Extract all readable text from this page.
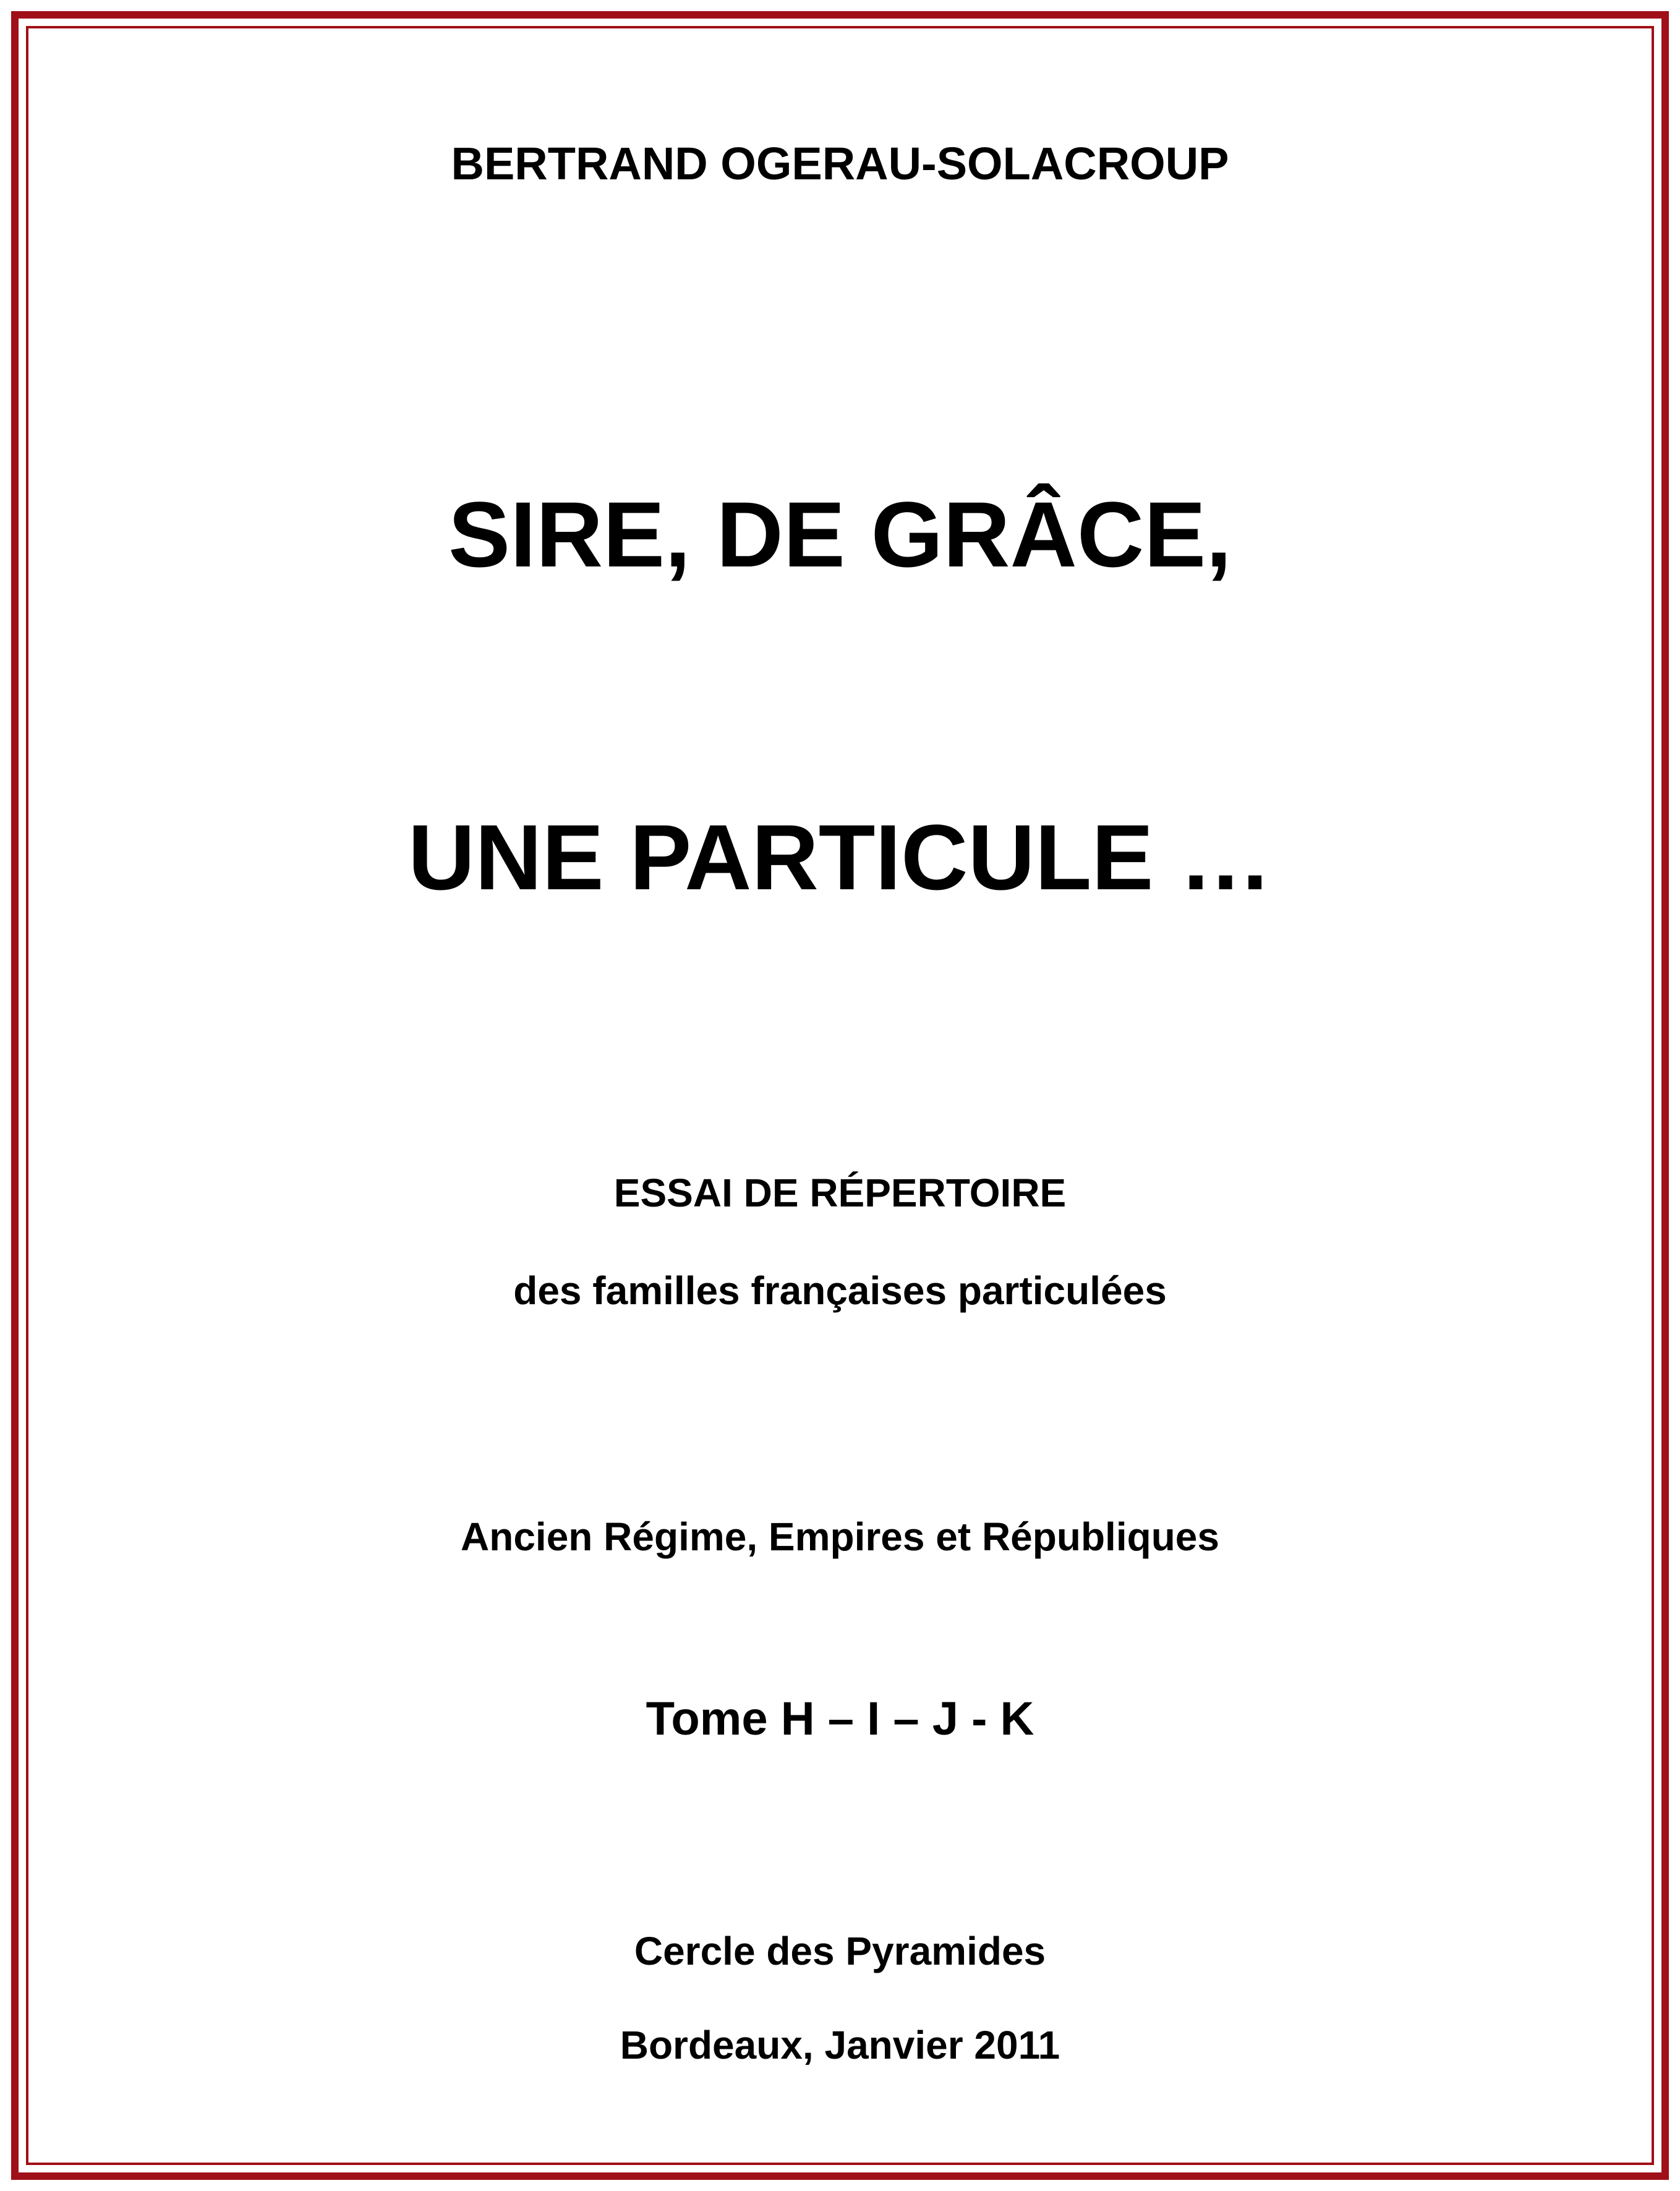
BERTRAND OGERAU-SOLACROUP

SIRE, DE GRÂCE,

UNE PARTICULE …

ESSAI DE RÉPERTOIRE

des familles françaises particulées

Ancien Régime, Empires et Républiques

Tome H – I – J - K

Cercle des Pyramides

Bordeaux, Janvier 2011
